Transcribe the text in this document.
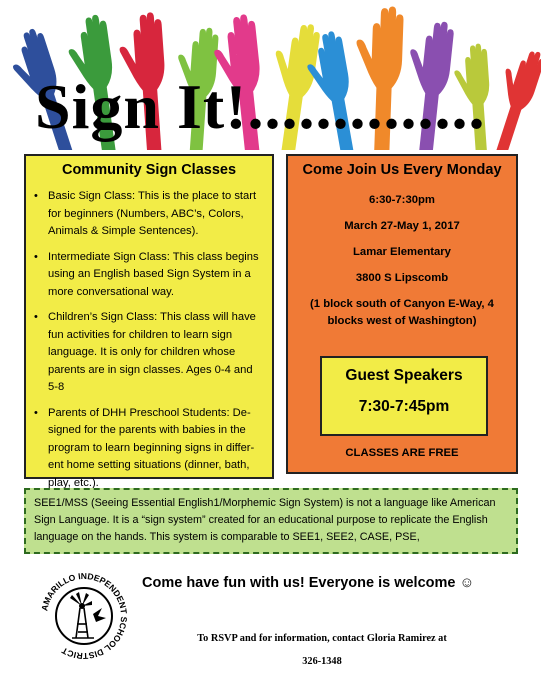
Sign It!..............
Community Sign Classes
• Basic Sign Class: This is the place to start for beginners (Numbers, ABC’s, Colors, Animals & Simple Sentences).
• Intermediate Sign Class: This class begins using an English based Sign System in a more conversational way.
• Children’s Sign Class: This class will have fun activities for children to learn sign language. It is only for children whose parents are in sign classes. Ages 0-4 and 5-8
• Parents of DHH Preschool Students: De-signed for the parents with babies in the program to learn beginning signs in differ-ent home setting situations (dinner, bath, play, etc.).
Come Join Us Every Monday
6:30-7:30pm
March 27-May 1, 2017
Lamar Elementary
3800 S Lipscomb
(1 block south of Canyon E-Way, 4 blocks west of Washington)
Guest Speakers
7:30-7:45pm
CLASSES ARE FREE
SEE1/MSS (Seeing Essential English1/Morphemic Sign System) is not a language like American Sign Language. It is a “sign system” created for an educational purpose to replicate the English language on the hands. This system is comparable to SEE1, SEE2, CASE, PSE,
AMARILLO INDEPENDENT SCHOOL DISTRICT
Come have fun with us! Everyone is welcome ☺
To RSVP and for information, contact Gloria Ramirez at
326-1348
